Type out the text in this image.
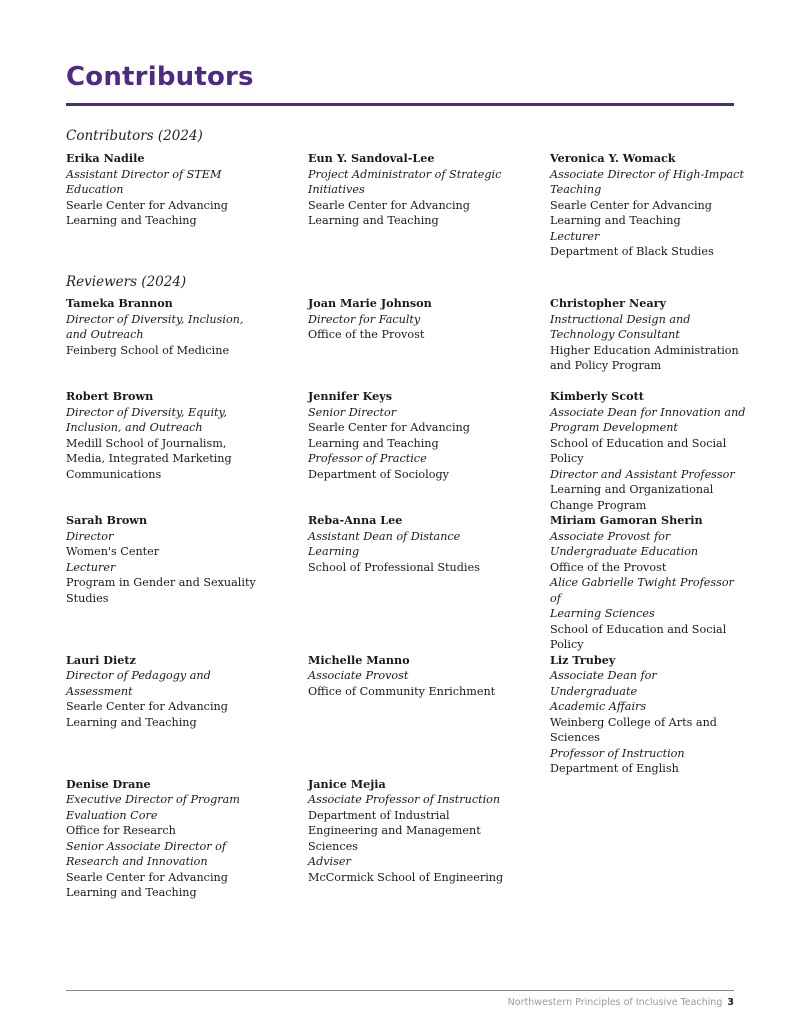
Contributors
Contributors (2024)
Erika Nadile
Assistant Director of STEM
Education
Searle Center for Advancing
Learning and Teaching
Eun Y. Sandoval-Lee
Project Administrator of Strategic
Initiatives
Searle Center for Advancing
Learning and Teaching
Veronica Y. Womack
Associate Director of High-Impact
Teaching
Searle Center for Advancing
Learning and Teaching
Lecturer
Department of Black Studies
Reviewers (2024)
Tameka Brannon
Director of Diversity, Inclusion,
and Outreach
Feinberg School of Medicine
Joan Marie Johnson
Director for Faculty
Office of the Provost
Christopher Neary
Instructional Design and
Technology Consultant
Higher Education Administration
and Policy Program
Robert Brown
Director of Diversity, Equity,
Inclusion, and Outreach
Medill School of Journalism,
Media, Integrated Marketing
Communications
Jennifer Keys
Senior Director
Searle Center for Advancing
Learning and Teaching
Professor of Practice
Department of Sociology
Kimberly Scott
Associate Dean for Innovation and
Program Development
School of Education and Social
Policy
Director and Assistant Professor
Learning and Organizational
Change Program
Sarah Brown
Director
Women's Center
Lecturer
Program in Gender and Sexuality
Studies
Reba-Anna Lee
Assistant Dean of Distance
Learning
School of Professional Studies
Miriam Gamoran Sherin
Associate Provost for
Undergraduate Education
Office of the Provost
Alice Gabrielle Twight Professor of
Learning Sciences
School of Education and Social
Policy
Lauri Dietz
Director of Pedagogy and
Assessment
Searle Center for Advancing
Learning and Teaching
Michelle Manno
Associate Provost
Office of Community Enrichment
Liz Trubey
Associate Dean for Undergraduate
Academic Affairs
Weinberg College of Arts and
Sciences
Professor of Instruction
Department of English
Denise Drane
Executive Director of Program
Evaluation Core
Office for Research
Senior Associate Director of
Research and Innovation
Searle Center for Advancing
Learning and Teaching
Janice Mejia
Associate Professor of Instruction
Department of Industrial
Engineering and Management
Sciences
Adviser
McCormick School of Engineering
Northwestern Principles of Inclusive Teaching 3
